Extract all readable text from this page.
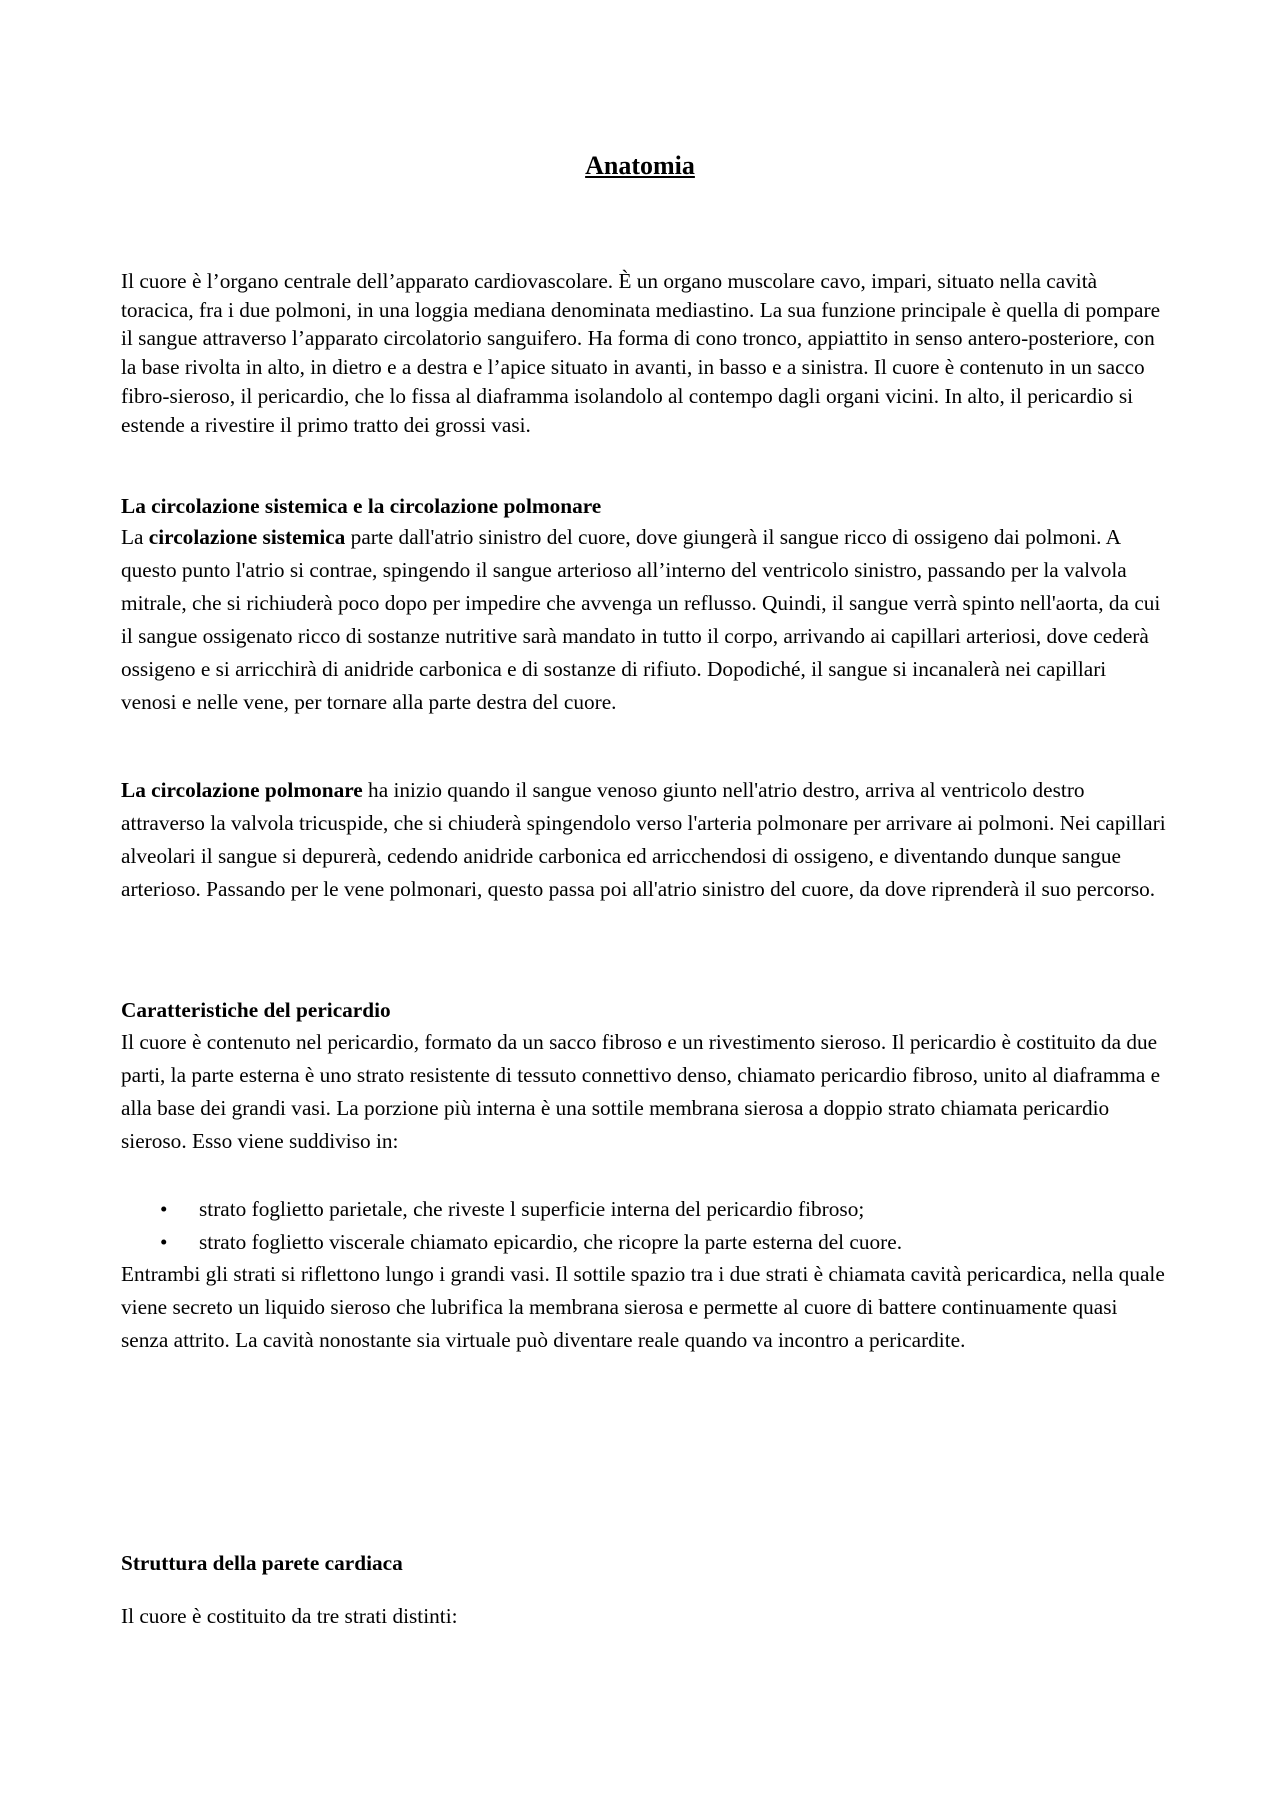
Anatomia

Il cuore è l’organo centrale dell’apparato cardiovascolare. È un organo muscolare cavo, impari, situato nella cavità toracica, fra i due polmoni, in una loggia mediana denominata mediastino. La sua funzione principale è quella di pompare il sangue attraverso l’apparato circolatorio sanguifero. Ha forma di cono tronco, appiattito in senso antero-posteriore, con la base rivolta in alto, in dietro e a destra e l’apice situato in avanti, in basso e a sinistra. Il cuore è contenuto in un sacco fibro-sieroso, il pericardio, che lo fissa al diaframma isolandolo al contempo dagli organi vicini. In alto, il pericardio si estende a rivestire il primo tratto dei grossi vasi.

La circolazione sistemica e la circolazione polmonare

La circolazione sistemica parte dall'atrio sinistro del cuore, dove giungerà il sangue ricco di ossigeno dai polmoni. A questo punto l'atrio si contrae, spingendo il sangue arterioso all’interno del ventricolo sinistro, passando per la valvola mitrale, che si richiuderà poco dopo per impedire che avvenga un reflusso. Quindi, il sangue verrà spinto nell'aorta, da cui il sangue ossigenato ricco di sostanze nutritive sarà mandato in tutto il corpo, arrivando ai capillari arteriosi, dove cederà ossigeno e si arricchirà di anidride carbonica e di sostanze di rifiuto. Dopodiché, il sangue si incanalerà nei capillari venosi e nelle vene, per tornare alla parte destra del cuore.

La circolazione polmonare ha inizio quando il sangue venoso giunto nell'atrio destro, arriva al ventricolo destro attraverso la valvola tricuspide, che si chiuderà spingendolo verso l'arteria polmonare per arrivare ai polmoni. Nei capillari alveolari il sangue si depurerà, cedendo anidride carbonica ed arricchendosi di ossigeno, e diventando dunque sangue arterioso. Passando per le vene polmonari, questo passa poi all'atrio sinistro del cuore, da dove riprenderà il suo percorso.

Caratteristiche del pericardio

Il cuore è contenuto nel pericardio, formato da un sacco fibroso e un rivestimento sieroso. Il pericardio è costituito da due parti, la parte esterna è uno strato resistente di tessuto connettivo denso, chiamato pericardio fibroso, unito al diaframma e alla base dei grandi vasi. La porzione più interna è una sottile membrana sierosa a doppio strato chiamata pericardio sieroso. Esso viene suddiviso in:

• strato foglietto parietale, che riveste l superficie interna del pericardio fibroso;
• strato foglietto viscerale chiamato epicardio, che ricopre la parte esterna del cuore.

Entrambi gli strati si riflettono lungo i grandi vasi. Il sottile spazio tra i due strati è chiamata cavità pericardica, nella quale viene secreto un liquido sieroso che lubrifica la membrana sierosa e permette al cuore di battere continuamente quasi senza attrito. La cavità nonostante sia virtuale può diventare reale quando va incontro a pericardite.

Struttura della parete cardiaca

Il cuore è costituito da tre strati distinti:
